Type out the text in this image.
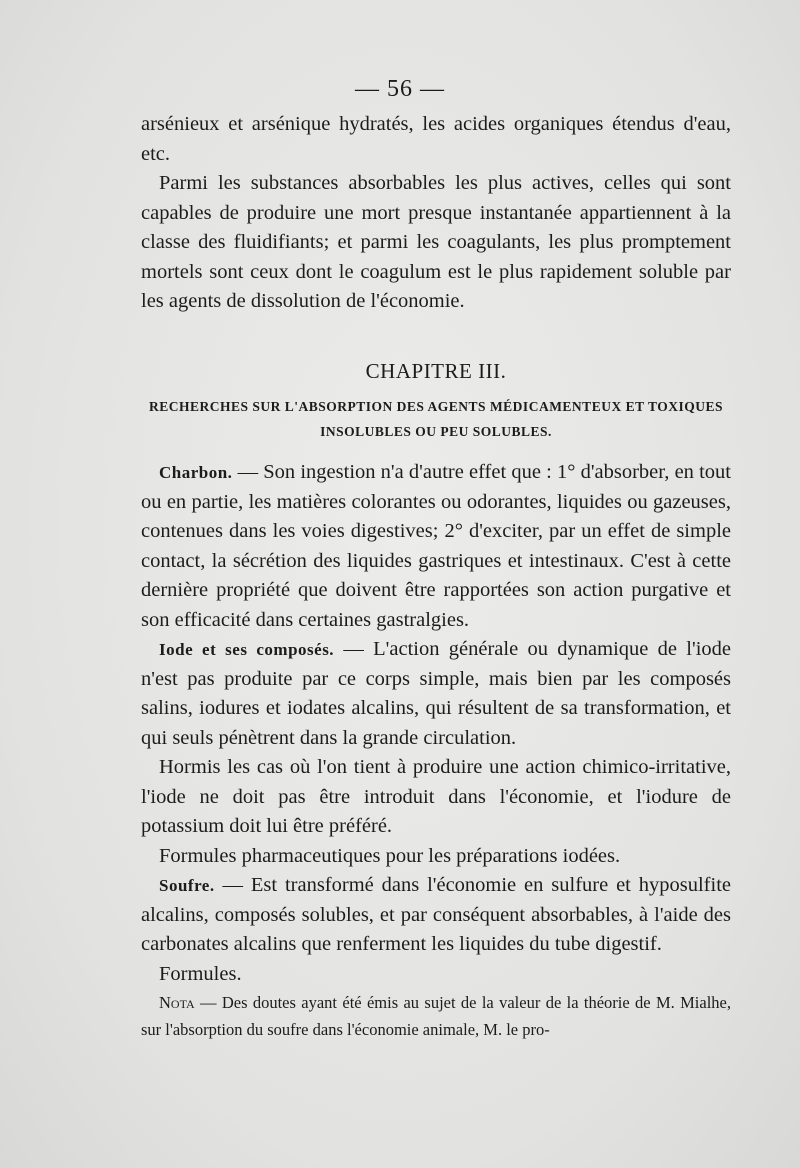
— 56 —

arsénieux et arsénique hydratés, les acides organiques étendus d'eau, etc.

Parmi les substances absorbables les plus actives, celles qui sont capables de produire une mort presque instantanée appartiennent à la classe des fluidifiants; et parmi les coagulants, les plus promptement mortels sont ceux dont le coagulum est le plus rapidement soluble par les agents de dissolution de l'économie.

CHAPITRE III.
RECHERCHES SUR L'ABSORPTION DES AGENTS MÉDICAMENTEUX ET TOXIQUES
INSOLUBLES OU PEU SOLUBLES.

Charbon. — Son ingestion n'a d'autre effet que : 1° d'absorber, en tout ou en partie, les matières colorantes ou odorantes, liquides ou gazeuses, contenues dans les voies digestives; 2° d'exciter, par un effet de simple contact, la sécrétion des liquides gastriques et intestinaux. C'est à cette dernière propriété que doivent être rapportées son action purgative et son efficacité dans certaines gastralgies.

Iode et ses composés. — L'action générale ou dynamique de l'iode n'est pas produite par ce corps simple, mais bien par les composés salins, iodures et iodates alcalins, qui résultent de sa transformation, et qui seuls pénètrent dans la grande circulation.

Hormis les cas où l'on tient à produire une action chimico-irritative, l'iode ne doit pas être introduit dans l'économie, et l'iodure de potassium doit lui être préféré.

Formules pharmaceutiques pour les préparations iodées.

Soufre. — Est transformé dans l'économie en sulfure et hyposulfite alcalins, composés solubles, et par conséquent absorbables, à l'aide des carbonates alcalins que renferment les liquides du tube digestif.

Formules.

Nota — Des doutes ayant été émis au sujet de la valeur de la théorie de M. Mialhe, sur l'absorption du soufre dans l'économie animale, M. le pro-
